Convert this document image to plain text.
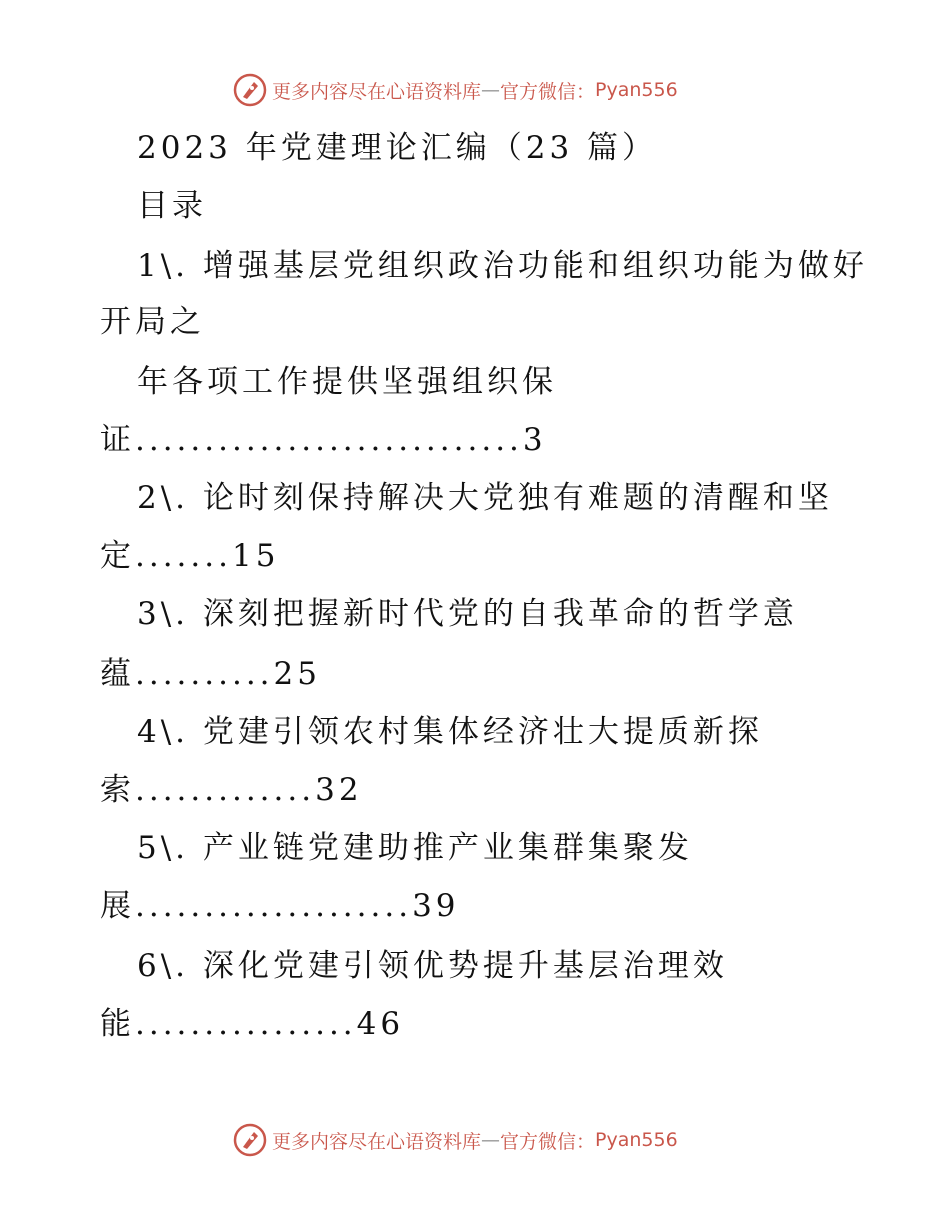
更多内容尽在心语资料库 — 官方微信： Pyan556
2023 年党建理论汇编（23 篇）
目录
1\. 增强基层党组织政治功能和组织功能为做好
开局之
年各项工作提供坚强组织保
证............................3
2\. 论时刻保持解决大党独有难题的清醒和坚
定.......15
3\. 深刻把握新时代党的自我革命的哲学意
蕴..........25
4\. 党建引领农村集体经济壮大提质新探
索.............32
5\. 产业链党建助推产业集群集聚发
展....................39
6\. 深化党建引领优势提升基层治理效
能................46
更多内容尽在心语资料库 — 官方微信： Pyan556
